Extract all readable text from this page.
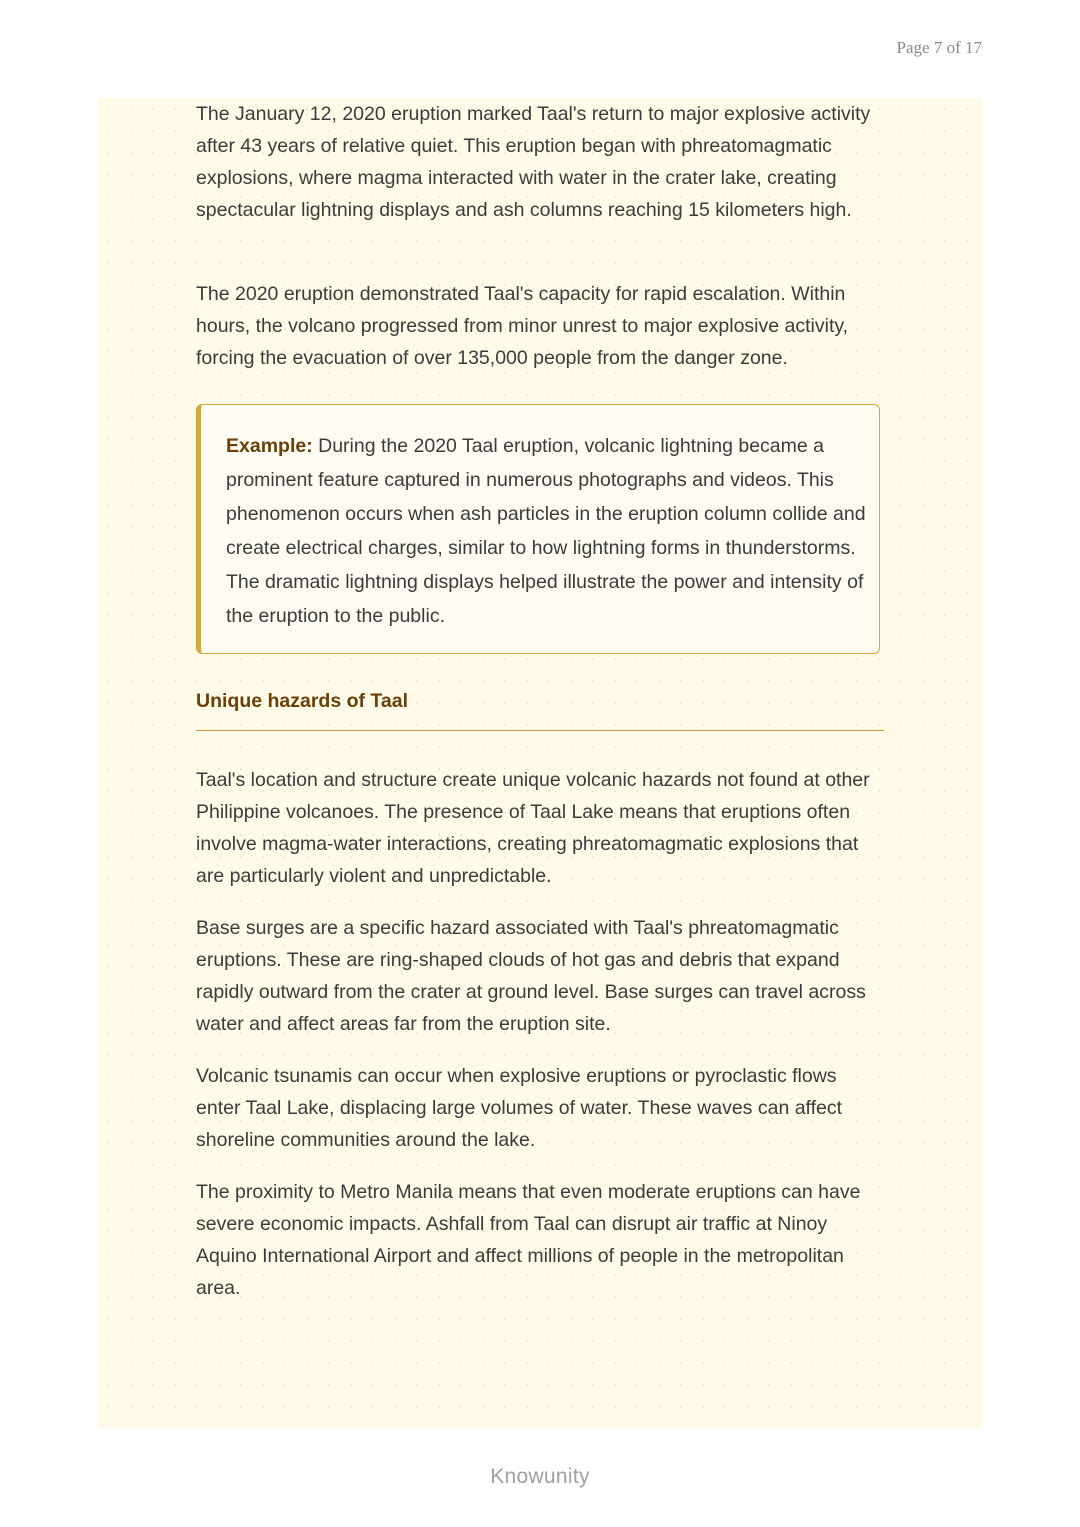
Page 7 of 17

The January 12, 2020 eruption marked Taal's return to major explosive activity after 43 years of relative quiet. This eruption began with phreatomagmatic explosions, where magma interacted with water in the crater lake, creating spectacular lightning displays and ash columns reaching 15 kilometers high.

The 2020 eruption demonstrated Taal's capacity for rapid escalation. Within hours, the volcano progressed from minor unrest to major explosive activity, forcing the evacuation of over 135,000 people from the danger zone.

Example: During the 2020 Taal eruption, volcanic lightning became a prominent feature captured in numerous photographs and videos. This phenomenon occurs when ash particles in the eruption column collide and create electrical charges, similar to how lightning forms in thunderstorms. The dramatic lightning displays helped illustrate the power and intensity of the eruption to the public.

Unique hazards of Taal

Taal's location and structure create unique volcanic hazards not found at other Philippine volcanoes. The presence of Taal Lake means that eruptions often involve magma-water interactions, creating phreatomagmatic explosions that are particularly violent and unpredictable.

Base surges are a specific hazard associated with Taal's phreatomagmatic eruptions. These are ring-shaped clouds of hot gas and debris that expand rapidly outward from the crater at ground level. Base surges can travel across water and affect areas far from the eruption site.

Volcanic tsunamis can occur when explosive eruptions or pyroclastic flows enter Taal Lake, displacing large volumes of water. These waves can affect shoreline communities around the lake.

The proximity to Metro Manila means that even moderate eruptions can have severe economic impacts. Ashfall from Taal can disrupt air traffic at Ninoy Aquino International Airport and affect millions of people in the metropolitan area.

Knowunity
